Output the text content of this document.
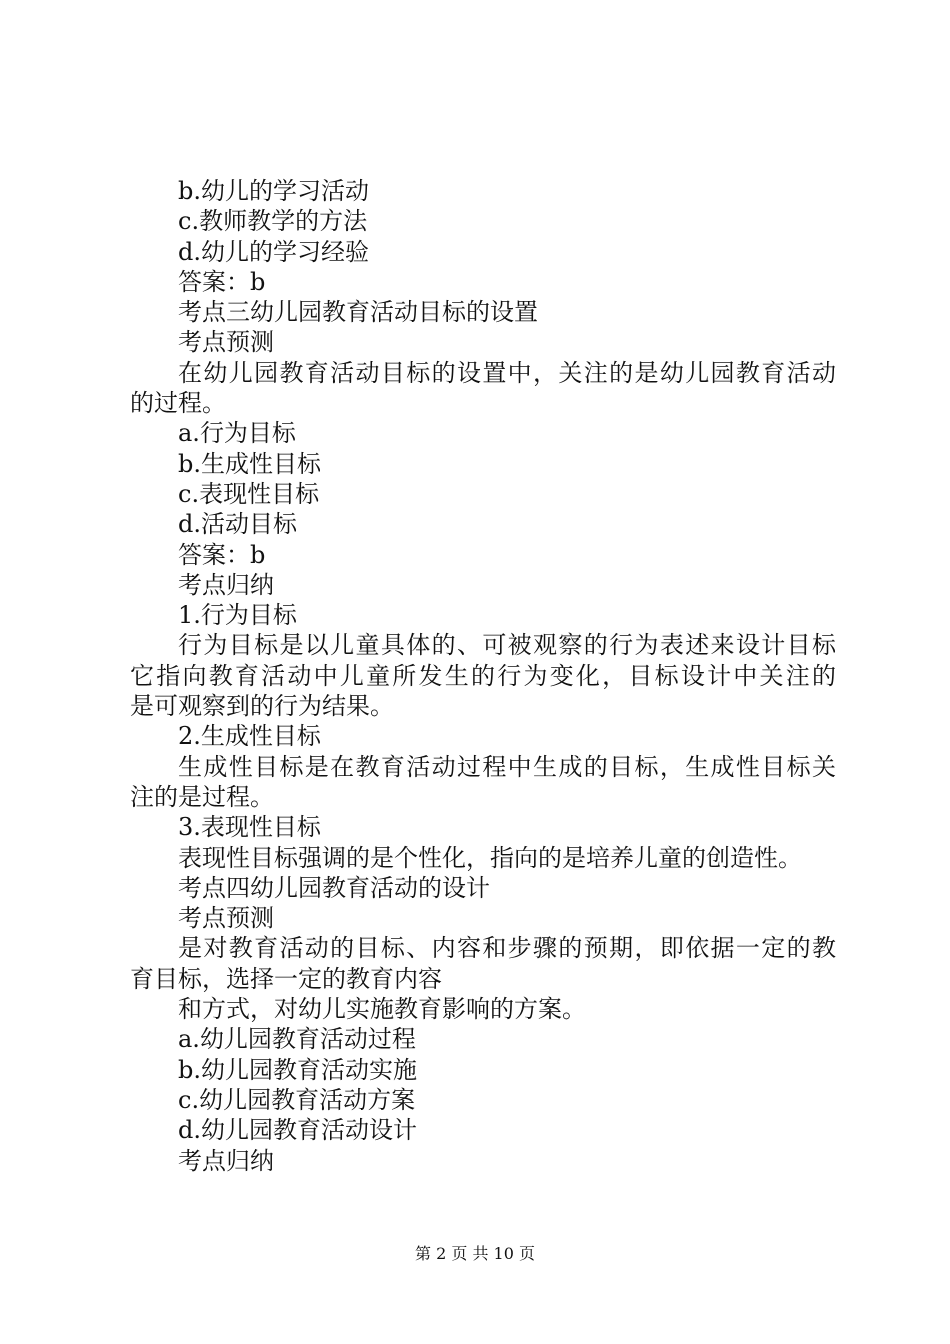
b.幼儿的学习活动
c.教师教学的方法
d.幼儿的学习经验
答案：b
考点三幼儿园教育活动目标的设置
考点预测
在幼儿园教育活动目标的设置中，关注的是幼儿园教育活动
的过程。
a.行为目标
b.生成性目标
c.表现性目标
d.活动目标
答案：b
考点归纳
1.行为目标
行为目标是以儿童具体的、可被观察的行为表述来设计目标
它指向教育活动中儿童所发生的行为变化，目标设计中关注的
是可观察到的行为结果。
2.生成性目标
生成性目标是在教育活动过程中生成的目标，生成性目标关
注的是过程。
3.表现性目标
表现性目标强调的是个性化，指向的是培养儿童的创造性。
考点四幼儿园教育活动的设计
考点预测
是对教育活动的目标、内容和步骤的预期，即依据一定的教
育目标，选择一定的教育内容
和方式，对幼儿实施教育影响的方案。
a.幼儿园教育活动过程
b.幼儿园教育活动实施
c.幼儿园教育活动方案
d.幼儿园教育活动设计
考点归纳
第 2 页 共 10 页
